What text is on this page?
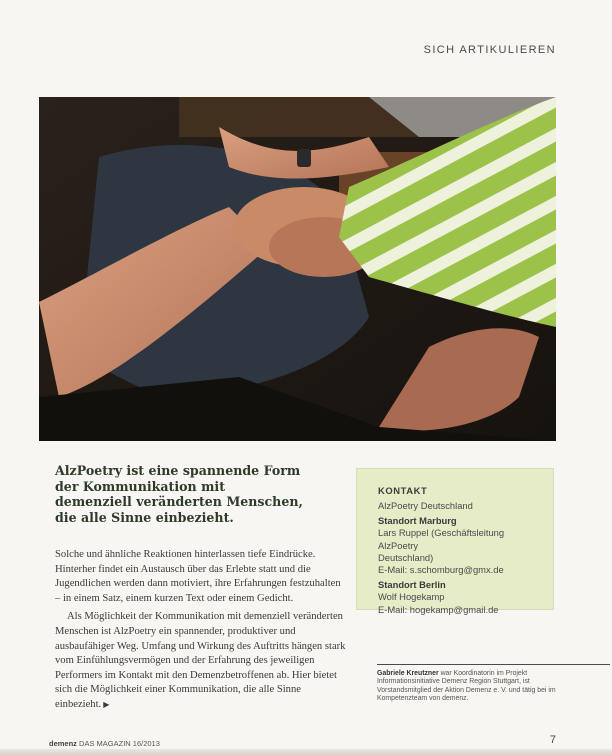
SICH ARTIKULIEREN

AlzPoetry ist eine spannende Form der Kommunikation mit demenziell veränderten Menschen, die alle Sinne einbezieht.

Solche und ähnliche Reaktionen hinterlassen tiefe Eindrücke. Hinterher findet ein Austausch über das Erlebte statt und die Jugendlichen werden dann motiviert, ihre Erfahrungen festzuhalten – in einem Satz, einem kurzen Text oder einem Gedicht.

Als Möglichkeit der Kommunikation mit demenziell veränderten Menschen ist AlzPoetry ein spannender, produktiver und ausbaufähiger Weg. Umfang und Wirkung des Auftritts hängen stark vom Einfühlungsvermögen und der Erfahrung des jeweiligen Performers im Kontakt mit den Demenzbetroffenen ab. Hier bietet sich die Möglichkeit einer Kommunikation, die alle Sinne einbezieht. ▶

KONTAKT
AlzPoetry Deutschland
Standort Marburg
Lars Ruppel (Geschäftsleitung AlzPoetry
Deutschland)
E-Mail: s.schomburg@gmx.de
Standort Berlin
Wolf Hogekamp
E-Mail: hogekamp@gmail.de
Gabriele Kreutzner war Koordinatorin im Projekt Informationsinitiative Demenz Region Stuttgart, ist Vorstandsmitglied der Aktion Demenz e. V. und tätig bei im Kompetenzteam von demenz.
demenz DAS MAGAZIN 16/2013	7
